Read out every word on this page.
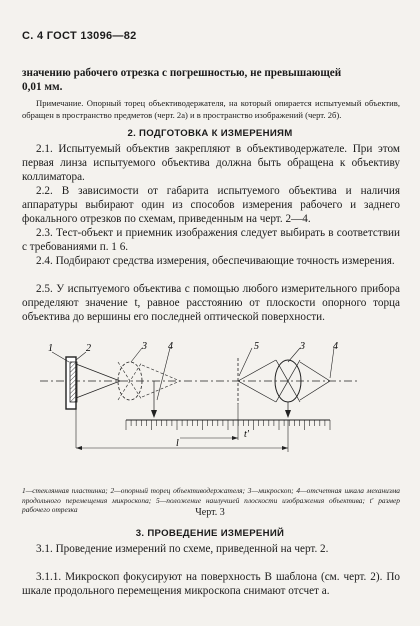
С. 4 ГОСТ 13096—82
значению рабочего отрезка с погрешностью, не превышающей
0,01 мм.
Примечание. Опорный торец объективодержателя, на который опирается испытуемый объектив, обращен в пространство предметов (черт. 2а) и в пространство изображений (черт. 2б).
2. ПОДГОТОВКА К ИЗМЕРЕНИЯМ
2.1. Испытуемый объектив закрепляют в объективодержателе. При этом первая линза испытуемого объектива должна быть обращена к объективу коллиматора.
2.2. В зависимости от габарита испытуемого объектива и наличия аппаратуры выбирают один из способов измерения рабочего и заднего фокального отрезков по схемам, приведенным на черт. 2—4.
2.3. Тест-объект и приемник изображения следует выбирать в соответствии с требованиями п. 1 6.
2.4. Подбирают средства измерения, обеспечивающие точность измерения.
2.5. У испытуемого объектива с помощью любого измерительного прибора определяют значение t, равное расстоянию от плоскости опорного торца объектива до вершины его последней оптической поверхности.
1	2	3 4	5	3	4
t′
l
1—стеклянная пластинка; 2—опорный торец объективодержателя; 3—микроскоп; 4—отсчетная шкала механизма продольного перемещения микроскопа; 5—положение наилучшей плоскости изображения объектива; t′ размер рабочего отрезка	Черт. 3
3. ПРОВЕДЕНИЕ ИЗМЕРЕНИЙ
3.1. Проведение измерений по схеме, приведенной на черт. 2.
3.1.1. Микроскоп фокусируют на поверхность В шаблона (см. черт. 2). По шкале продольного перемещения микроскопа снимают отсчет а.
